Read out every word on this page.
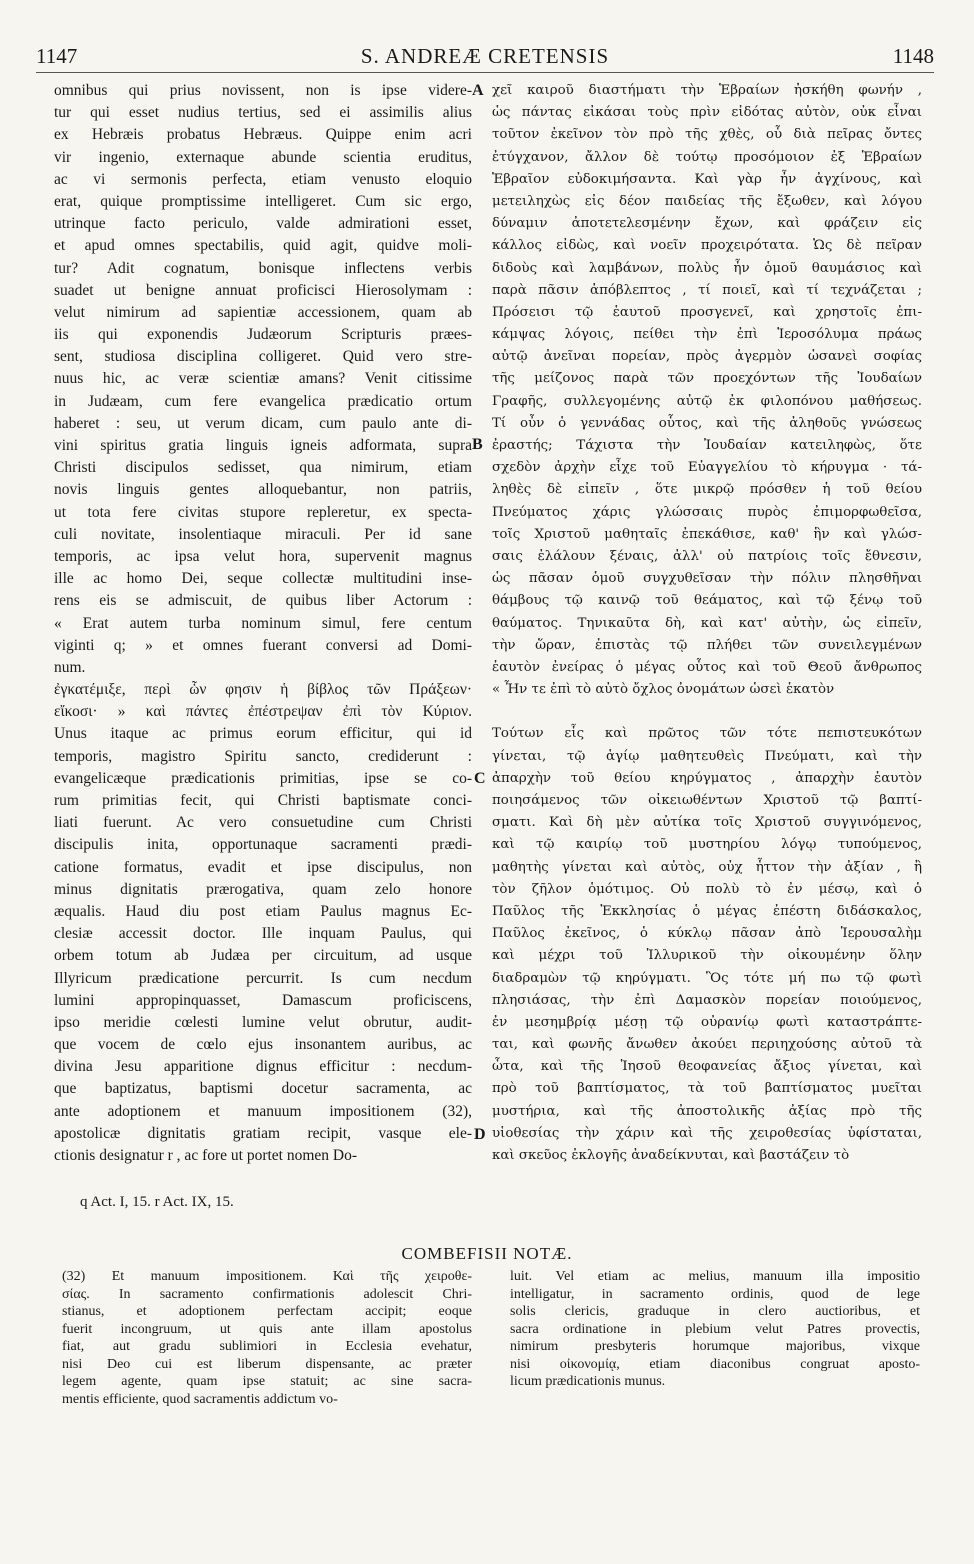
1147	S. ANDREÆ CRETENSIS	1148
omnibus qui prius novissent, non is ipse videre-
tur qui esset nudius tertius, sed ei assimilis alius
ex Hebræis probatus Hebræus. Quippe enim acri
vir ingenio, externaque abunde scientia eruditus,
ac vi sermonis perfecta, etiam venusto eloquio
erat, quique promptissime intelligeret. Cum sic ergo,
utrinque facto periculo, valde admirationi esset,
et apud omnes spectabilis, quid agit, quidve moli-
tur? Adit cognatum, bonisque inflectens verbis
suadet ut benigne annuat proficisci Hierosolymam :
velut nimirum ad sapientiæ accessionem, quam ab
iis qui exponendis Judæorum Scripturis præes-
sent, studiosa disciplina colligeret. Quid vero stre-
nuus hic, ac veræ scientiæ amans? Venit citissime
in Judæam, cum fere evangelica prædicatio ortum
haberet : seu, ut verum dicam, cum paulo ante di-
vini spiritus gratia linguis igneis adformata, supra
Christi discipulos sedisset, qua nimirum, etiam
novis linguis gentes alloquebantur, non patriis,
ut tota fere civitas stupore repleretur, ex specta-
culi novitate, insolentiaque miraculi. Per id sane
temporis, ac ipsa velut hora, supervenit magnus
ille ac homo Dei, seque collectæ multitudini inse-
rens eis se admiscuit, de quibus liber Actorum :
« Erat autem turba nominum simul, fere centum
viginti q; » et omnes fuerant conversi ad Domi-
num.
ἐγκατέμιξε, περὶ ὧν φησιν ἡ βίβλος τῶν Πράξεων·
εἴκοσι· » καὶ πάντες ἐπέστρεψαν ἐπὶ τὸν Κύριον.
Unus itaque ac primus eorum efficitur, qui id
temporis, magistro Spiritu sancto, crediderunt :
evangelicæque prædicationis primitias, ipse se co-
rum primitias fecit, qui Christi baptismate conci-
liati fuerunt. Ac vero consuetudine cum Christi
discipulis inita, opportunaque sacramenti prædi-
catione formatus, evadit et ipse discipulus, non
minus dignitatis prærogativa, quam zelo honore
æqualis. Haud diu post etiam Paulus magnus Ec-
clesiæ accessit doctor. Ille inquam Paulus, qui
orbem totum ab Judæa per circuitum, ad usque
Illyricum prædicatione percurrit. Is cum necdum
lumini appropinquasset, Damascum proficiscens,
ipso meridie cœlesti lumine velut obrutur, audit-
que vocem de cœlo ejus insonantem auribus, ac
divina Jesu apparitione dignus efficitur : necdum-
que baptizatus, baptismi docetur sacramenta, ac
ante adoptionem et manuum impositionem (32),
apostolicæ dignitatis gratiam recipit, vasque ele-
ctionis designatur r , ac fore ut portet nomen Do-
χεῖ καιροῦ διαστήματι τὴν Ἑβραίων ἠσκήθη φωνήν ,
ὡς πάντας εἰκάσαι τοὺς πρὶν εἰδότας αὐτὸν, οὐκ εἶναι
τοῦτον ἐκεῖνον τὸν πρὸ τῆς χθὲς, οὗ διὰ πεῖρας ὄντες
ἐτύγχανον, ἄλλον δὲ τούτῳ προσόμοιον ἐξ Ἑβραίων
Ἑβραῖον εὐδοκιμήσαντα. Καὶ γὰρ ἦν ἀγχίνους, καὶ
μετειληχὼς εἰς δέον παιδείας τῆς ἔξωθεν, καὶ λόγου
δύναμιν ἀποτετελεσμένην ἔχων, καὶ φράζειν εἰς
κάλλος εἰδὼς, καὶ νοεῖν προχειρότατα. Ὡς δὲ πεῖραν
διδοὺς καὶ λαμβάνων, πολὺς ἦν ὁμοῦ θαυμάσιος καὶ
παρὰ πᾶσιν ἀπόβλεπτος , τί ποιεῖ, καὶ τί τεχνάζεται ;
Πρόσεισι τῷ ἑαυτοῦ προσγενεῖ, καὶ χρηστοῖς ἐπι-
κάμψας λόγοις, πείθει τὴν ἐπὶ Ἱεροσόλυμα πράως
αὐτῷ ἀνεῖναι πορείαν, πρὸς ἀγερμὸν ὡσανεὶ σοφίας
τῆς μείζονος παρὰ τῶν προεχόντων τῆς Ἰουδαίων
Γραφῆς, συλλεγομένης αὐτῷ ἐκ φιλοπόνου μαθήσεως.
Τί οὖν ὁ γεννάδας οὗτος, καὶ τῆς ἀληθοῦς γνώσεως
ἐραστής; Τάχιστα τὴν Ἰουδαίαν κατειληφὼς, ὅτε
σχεδὸν ἀρχὴν εἶχε τοῦ Εὐαγγελίου τὸ κήρυγμα · τά-
ληθὲς δὲ εἰπεῖν , ὅτε μικρῷ πρόσθεν ἡ τοῦ θείου
Πνεύματος χάρις γλώσσαις πυρὸς ἐπιμορφωθεῖσα,
τοῖς Χριστοῦ μαθηταῖς ἐπεκάθισε, καθ' ἣν καὶ γλώσ-
σαις ἐλάλουν ξέναις, ἀλλ' οὐ πατρίοις τοῖς ἔθνεσιν,
ὡς πᾶσαν ὁμοῦ συγχυθεῖσαν τὴν πόλιν πλησθῆναι
θάμβους τῷ καινῷ τοῦ θεάματος, καὶ τῷ ξένῳ τοῦ
θαύματος. Τηνικαῦτα δὴ, καὶ κατ' αὐτὴν, ὡς εἰπεῖν,
τὴν ὥραν, ἐπιστὰς τῷ πλήθει τῶν συνειλεγμένων
ἑαυτὸν ἐνείρας ὁ μέγας οὗτος καὶ τοῦ Θεοῦ ἄνθρωπος
« Ἦν τε ἐπὶ τὸ αὐτὸ ὄχλος ὀνομάτων ὡσεὶ ἑκατὸν
Τούτων εἷς καὶ πρῶτος τῶν τότε πεπιστευκότων
γίνεται, τῷ ἁγίῳ μαθητευθεὶς Πνεύματι, καὶ τὴν
ἀπαρχὴν τοῦ θείου κηρύγματος , ἀπαρχὴν ἑαυτὸν
ποιησάμενος τῶν οἰκειωθέντων Χριστοῦ τῷ βαπτί-
σματι. Καὶ δὴ μὲν αὐτίκα τοῖς Χριστοῦ συγγινόμενος,
καὶ τῷ καιρίῳ τοῦ μυστηρίου λόγῳ τυπούμενος,
μαθητὴς γίνεται καὶ αὐτὸς, οὐχ ἧττον τὴν ἀξίαν , ἢ
τὸν ζῆλον ὁμότιμος. Οὐ πολὺ τὸ ἐν μέσῳ, καὶ ὁ
Παῦλος τῆς Ἐκκλησίας ὁ μέγας ἐπέστη διδάσκαλος,
Παῦλος ἐκεῖνος, ὁ κύκλῳ πᾶσαν ἀπὸ Ἱερουσαλὴμ
καὶ μέχρι τοῦ Ἰλλυρικοῦ τὴν οἰκουμένην ὅλην
διαδραμὼν τῷ κηρύγματι. Ὃς τότε μή πω τῷ φωτὶ
πλησιάσας, τὴν ἐπὶ Δαμασκὸν πορείαν ποιούμενος,
ἐν μεσημβρίᾳ μέσῃ τῷ οὐρανίῳ φωτὶ καταστράπτε-
ται, καὶ φωνῆς ἄνωθεν ἀκούει περιηχούσης αὐτοῦ τὰ
ὦτα, καὶ τῆς Ἰησοῦ θεοφανείας ἄξιος γίνεται, καὶ
πρὸ τοῦ βαπτίσματος, τὰ τοῦ βαπτίσματος μυεῖται
μυστήρια, καὶ τῆς ἀποστολικῆς ἀξίας πρὸ τῆς
υἱοθεσίας τὴν χάριν καὶ τῆς χειροθεσίας ὑφίσταται,
καὶ σκεῦος ἐκλογῆς ἀναδείκνυται, καὶ βαστάζειν τὸ
A
B
C
D
q Act. I, 15. r Act. IX, 15.
COMBEFISII NOTÆ.
(32) Et manuum impositionem. Καὶ τῆς χειροθε-
σίας. In sacramento confirmationis adolescit Chri-
stianus, et adoptionem perfectam accipit; eoque
fuerit incongruum, ut quis ante illam apostolus
fiat, aut gradu sublimiori in Ecclesia evehatur,
nisi Deo cui est liberum dispensante, ac præter
legem agente, quam ipse statuit; ac sine sacra-
mentis efficiente, quod sacramentis addictum vo-
luit. Vel etiam ac melius, manuum illa impositio
intelligatur, in sacramento ordinis, quod de lege
solis clericis, graduque in clero auctioribus, et
sacra ordinatione in plebium velut Patres provectis,
nimirum presbyteris horumque majoribus, vixque
nisi οἰκονομίᾳ, etiam diaconibus congruat aposto-
licum prædicationis munus.
